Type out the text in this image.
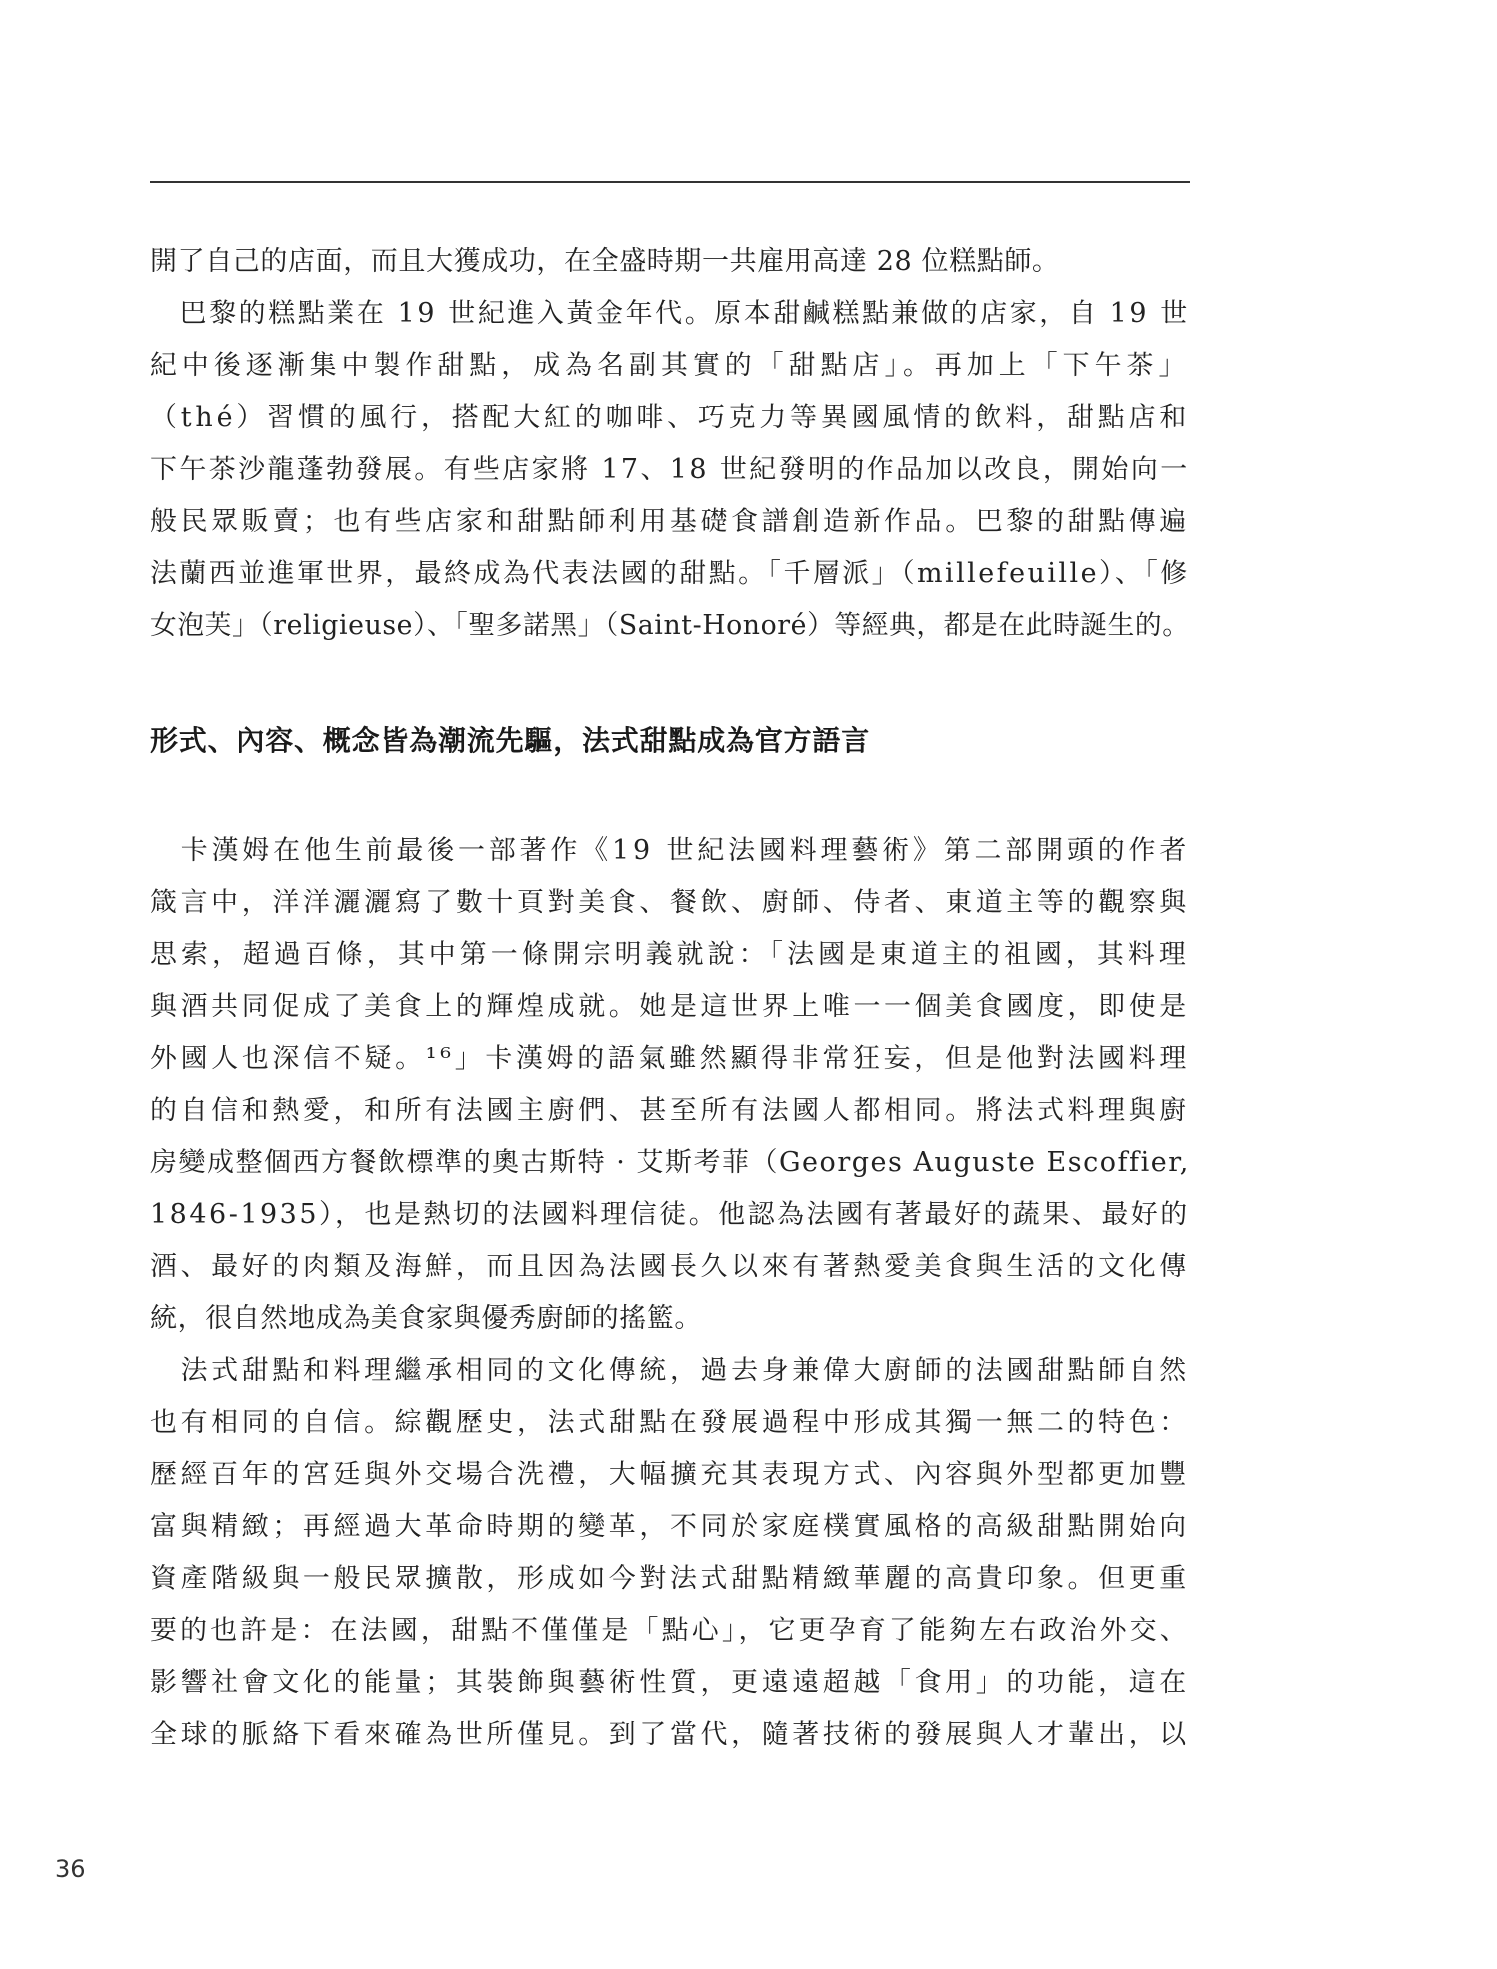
開了自己的店面，而且大獲成功，在全盛時期一共雇用高達 28 位糕點師。
　巴黎的糕點業在 19 世紀進入黃金年代。原本甜鹹糕點兼做的店家，自 19 世
紀中後逐漸集中製作甜點，成為名副其實的「甜點店」。再加上「下午茶」
（thé）習慣的風行，搭配大紅的咖啡、巧克力等異國風情的飲料，甜點店和
下午茶沙龍蓬勃發展。有些店家將 17、18 世紀發明的作品加以改良，開始向一
般民眾販賣；也有些店家和甜點師利用基礎食譜創造新作品。巴黎的甜點傳遍
法蘭西並進軍世界，最終成為代表法國的甜點。「千層派」（millefeuille）、「修
女泡芙」（religieuse）、「聖多諾黑」（Saint-Honoré）等經典，都是在此時誕生的。
形式、內容、概念皆為潮流先驅，法式甜點成為官方語言
　卡漢姆在他生前最後一部著作《19 世紀法國料理藝術》第二部開頭的作者
箴言中，洋洋灑灑寫了數十頁對美食、餐飲、廚師、侍者、東道主等的觀察與
思索，超過百條，其中第一條開宗明義就說：「法國是東道主的祖國，其料理
與酒共同促成了美食上的輝煌成就。她是這世界上唯一一個美食國度，即使是
外國人也深信不疑。¹⁶」卡漢姆的語氣雖然顯得非常狂妄，但是他對法國料理
的自信和熱愛，和所有法國主廚們、甚至所有法國人都相同。將法式料理與廚
房變成整個西方餐飲標準的奧古斯特 · 艾斯考菲（Georges Auguste Escoffier,
1846-1935），也是熱切的法國料理信徒。他認為法國有著最好的蔬果、最好的
酒、最好的肉類及海鮮，而且因為法國長久以來有著熱愛美食與生活的文化傳
統，很自然地成為美食家與優秀廚師的搖籃。
　法式甜點和料理繼承相同的文化傳統，過去身兼偉大廚師的法國甜點師自然
也有相同的自信。綜觀歷史，法式甜點在發展過程中形成其獨一無二的特色：
歷經百年的宮廷與外交場合洗禮，大幅擴充其表現方式、內容與外型都更加豐
富與精緻；再經過大革命時期的變革，不同於家庭樸實風格的高級甜點開始向
資產階級與一般民眾擴散，形成如今對法式甜點精緻華麗的高貴印象。但更重
要的也許是：在法國，甜點不僅僅是「點心」，它更孕育了能夠左右政治外交、
影響社會文化的能量；其裝飾與藝術性質，更遠遠超越「食用」的功能，這在
全球的脈絡下看來確為世所僅見。到了當代，隨著技術的發展與人才輩出，以
36
